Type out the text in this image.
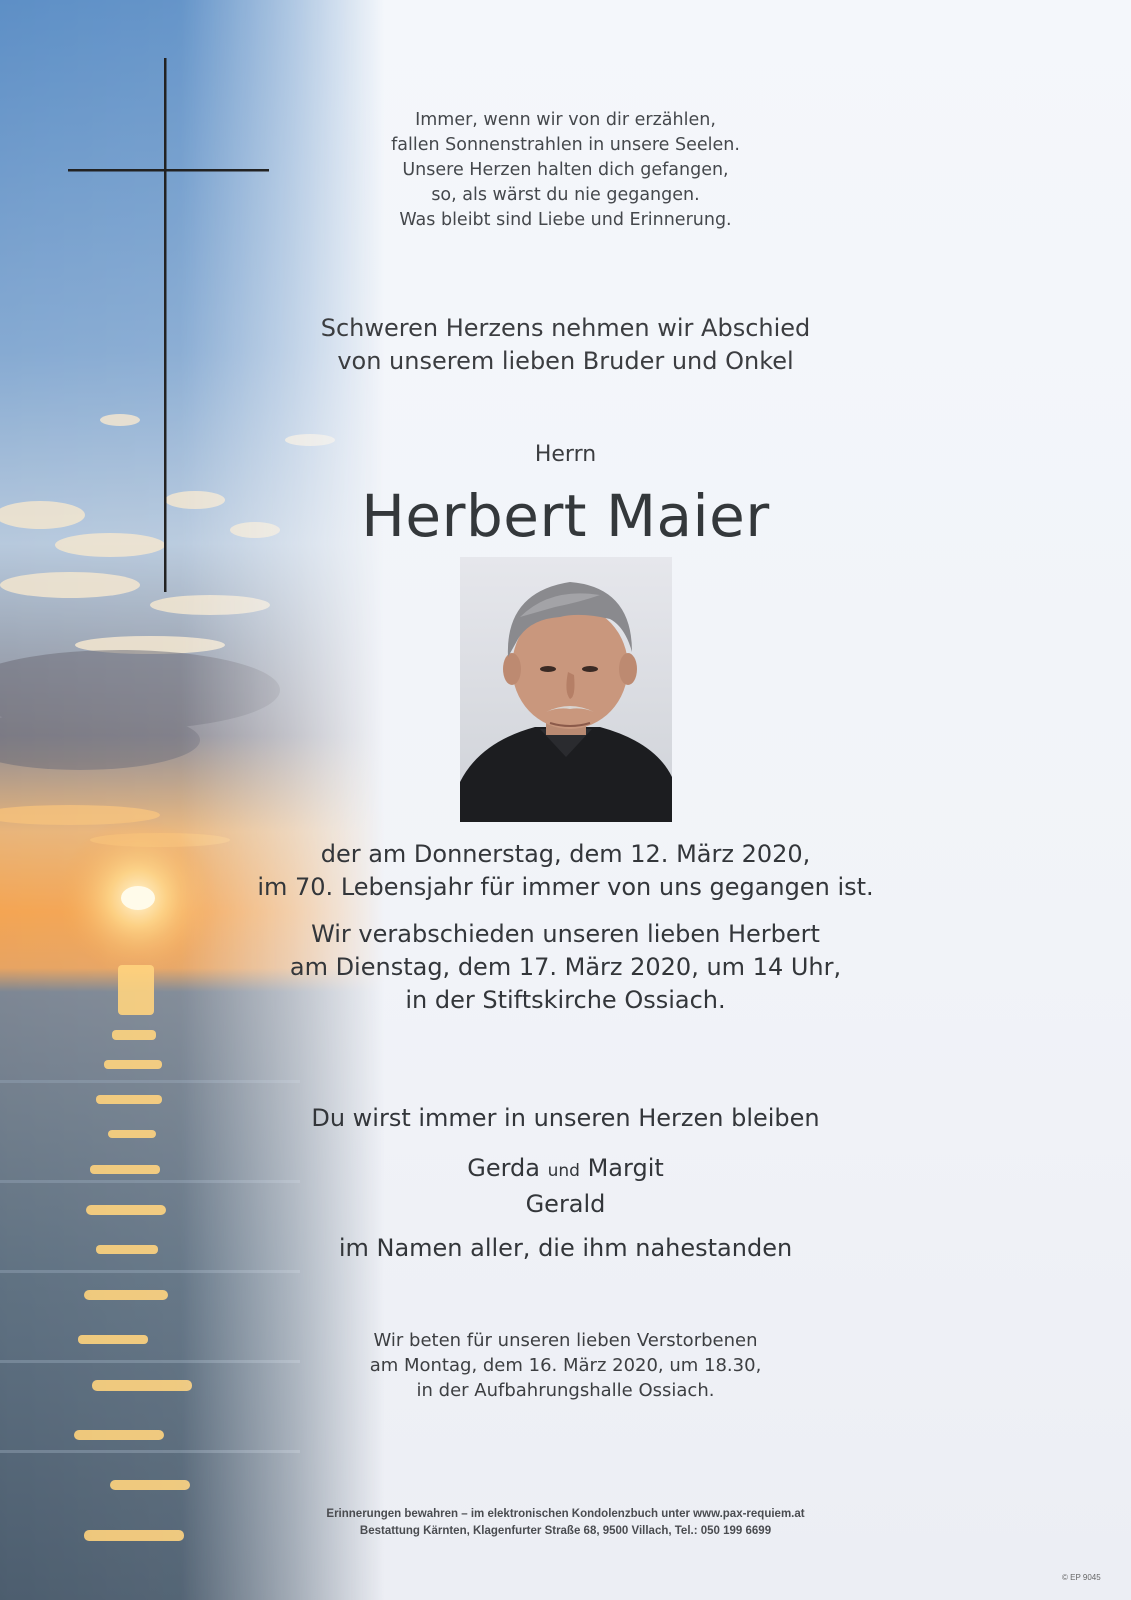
Immer, wenn wir von dir erzählen,
fallen Sonnenstrahlen in unsere Seelen.
Unsere Herzen halten dich gefangen,
so, als wärst du nie gegangen.
Was bleibt sind Liebe und Erinnerung.
Schweren Herzens nehmen wir Abschied
von unserem lieben Bruder und Onkel
Herrn
Herbert Maier
der am Donnerstag, dem 12. März 2020,
im 70. Lebensjahr für immer von uns gegangen ist.
Wir verabschieden unseren lieben Herbert
am Dienstag, dem 17. März 2020, um 14 Uhr,
in der Stiftskirche Ossiach.
Du wirst immer in unseren Herzen bleiben
Gerda und Margit
Gerald
im Namen aller, die ihm nahestanden
Wir beten für unseren lieben Verstorbenen
am Montag, dem 16. März 2020, um 18.30,
in der Aufbahrungshalle Ossiach.
Erinnerungen bewahren – im elektronischen Kondolenzbuch unter www.pax-requiem.at
Bestattung Kärnten, Klagenfurter Straße 68, 9500 Villach, Tel.: 050 199 6699
© EP 9045
